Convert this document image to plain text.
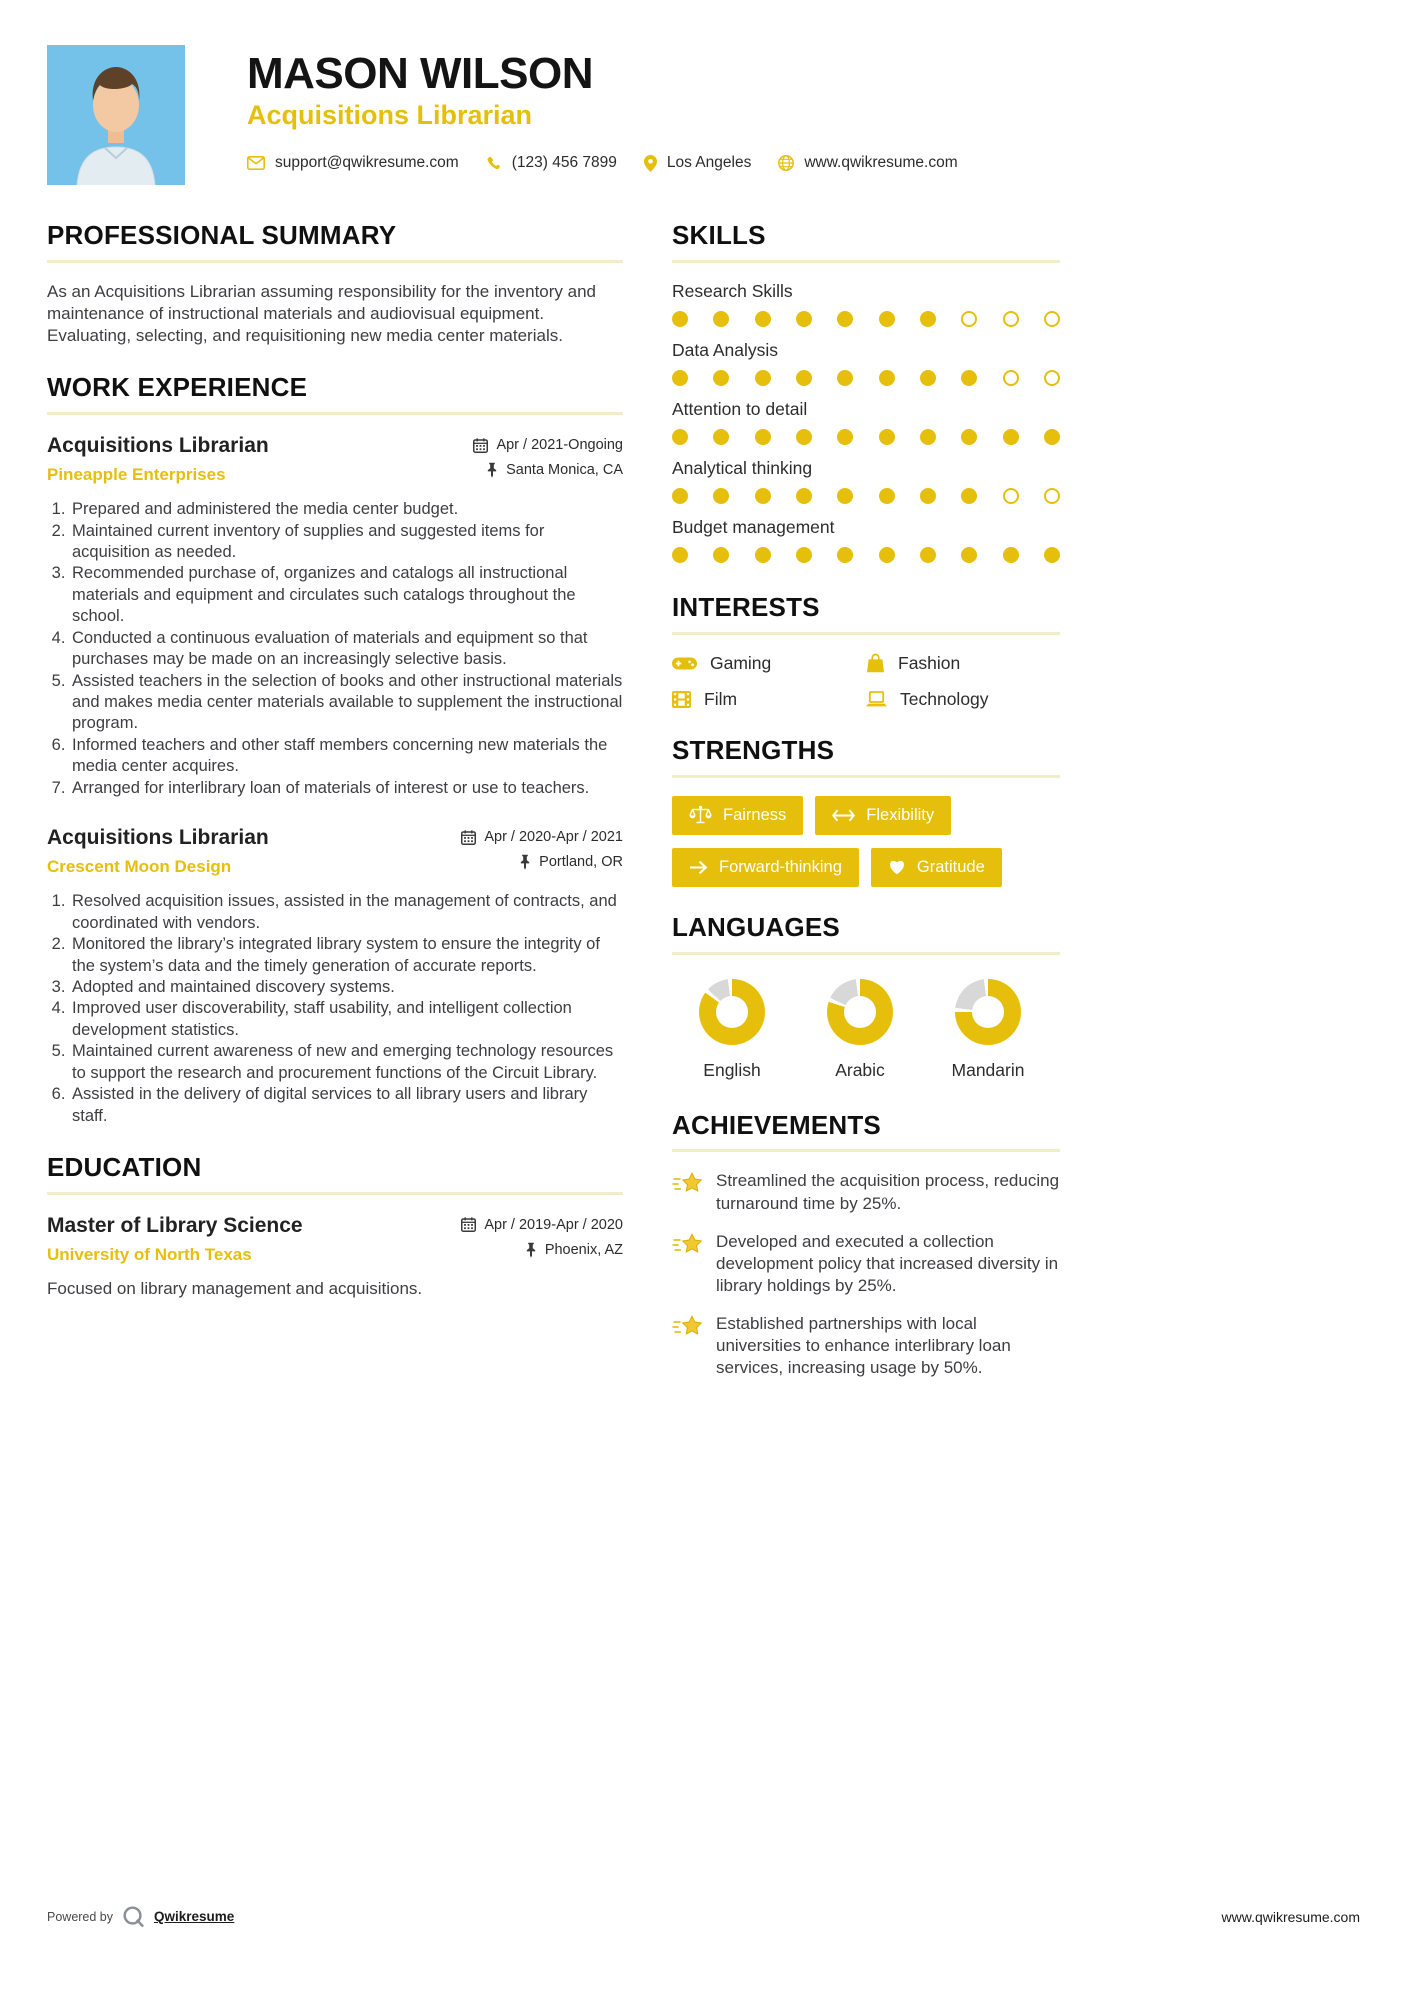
MASON WILSON
Acquisitions Librarian
support@qwikresume.com	(123) 456 7899	Los Angeles	www.qwikresume.com
PROFESSIONAL SUMMARY

As an Acquisitions Librarian assuming responsibility for the inventory and maintenance of instructional materials and audiovisual equipment. Evaluating, selecting, and requisitioning new media center materials.

WORK EXPERIENCE
Acquisitions Librarian
Pineapple Enterprises
Apr / 2021-Ongoing
Santa Monica, CA
1. Prepared and administered the media center budget.
2. Maintained current inventory of supplies and suggested items for acquisition as needed.
3. Recommended purchase of, organizes and catalogs all instructional materials and equipment and circulates such catalogs throughout the school.
4. Conducted a continuous evaluation of materials and equipment so that purchases may be made on an increasingly selective basis.
5. Assisted teachers in the selection of books and other instructional materials and makes media center materials available to supplement the instructional program.
6. Informed teachers and other staff members concerning new materials the media center acquires.
7. Arranged for interlibrary loan of materials of interest or use to teachers.
Acquisitions Librarian
Crescent Moon Design
Apr / 2020-Apr / 2021
Portland, OR
1. Resolved acquisition issues, assisted in the management of contracts, and coordinated with vendors.
2. Monitored the library’s integrated library system to ensure the integrity of the system’s data and the timely generation of accurate reports.
3. Adopted and maintained discovery systems.
4. Improved user discoverability, staff usability, and intelligent collection development statistics.
5. Maintained current awareness of new and emerging technology resources to support the research and procurement functions of the Circuit Library.
6. Assisted in the delivery of digital services to all library users and library staff.
EDUCATION
Master of Library Science
University of North Texas
Apr / 2019-Apr / 2020
Phoenix, AZ
Focused on library management and acquisitions.
SKILLS
Research Skills
Data Analysis
Attention to detail
Analytical thinking
Budget management
INTERESTS
Gaming	Fashion
Film	Technology
STRENGTHS
Fairness	Flexibility
Forward-thinking	Gratitude
LANGUAGES
English	Arabic	Mandarin
ACHIEVEMENTS
Streamlined the acquisition process, reducing turnaround time by 25%.
Developed and executed a collection development policy that increased diversity in library holdings by 25%.
Established partnerships with local universities to enhance interlibrary loan services, increasing usage by 50%.
Powered by	Qwikresume	www.qwikresume.com
